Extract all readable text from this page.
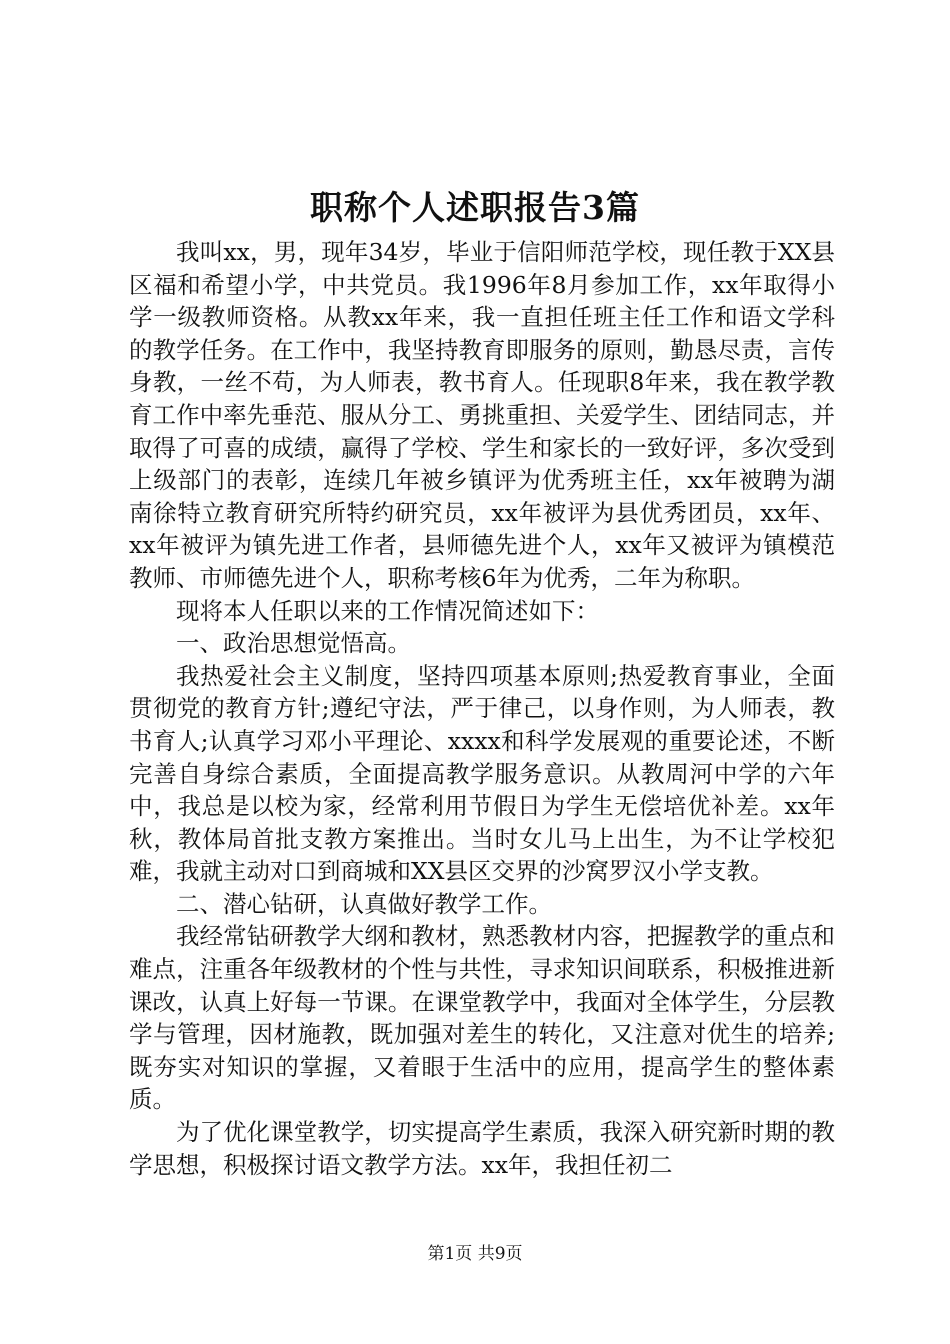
职称个人述职报告3篇

我叫xx，男，现年34岁，毕业于信阳师范学校，现任教于XX县区福和希望小学，中共党员。我1996年8月参加工作，xx年取得小学一级教师资格。从教xx年来，我一直担任班主任工作和语文学科的教学任务。在工作中，我坚持教育即服务的原则，勤恳尽责，言传身教，一丝不苟，为人师表，教书育人。任现职8年来，我在教学教育工作中率先垂范、服从分工、勇挑重担、关爱学生、团结同志，并取得了可喜的成绩，赢得了学校、学生和家长的一致好评，多次受到上级部门的表彰，连续几年被乡镇评为优秀班主任，xx年被聘为湖南徐特立教育研究所特约研究员，xx年被评为县优秀团员，xx年、xx年被评为镇先进工作者，县师德先进个人，xx年又被评为镇模范教师、市师德先进个人，职称考核6年为优秀，二年为称职。

现将本人任职以来的工作情况简述如下：

一、政治思想觉悟高。

我热爱社会主义制度，坚持四项基本原则;热爱教育事业，全面贯彻党的教育方针;遵纪守法，严于律己，以身作则，为人师表，教书育人;认真学习邓小平理论、xxxx和科学发展观的重要论述，不断完善自身综合素质，全面提高教学服务意识。从教周河中学的六年中，我总是以校为家，经常利用节假日为学生无偿培优补差。xx年秋，教体局首批支教方案推出。当时女儿马上出生，为不让学校犯难，我就主动对口到商城和XX县区交界的沙窝罗汉小学支教。

二、潜心钻研，认真做好教学工作。

我经常钻研教学大纲和教材，熟悉教材内容，把握教学的重点和难点，注重各年级教材的个性与共性，寻求知识间联系，积极推进新课改，认真上好每一节课。在课堂教学中，我面对全体学生，分层教学与管理，因材施教，既加强对差生的转化，又注意对优生的培养;既夯实对知识的掌握，又着眼于生活中的应用，提高学生的整体素质。

为了优化课堂教学，切实提高学生素质，我深入研究新时期的教学思想，积极探讨语文教学方法。xx年，我担任初二

第1页 共9页
